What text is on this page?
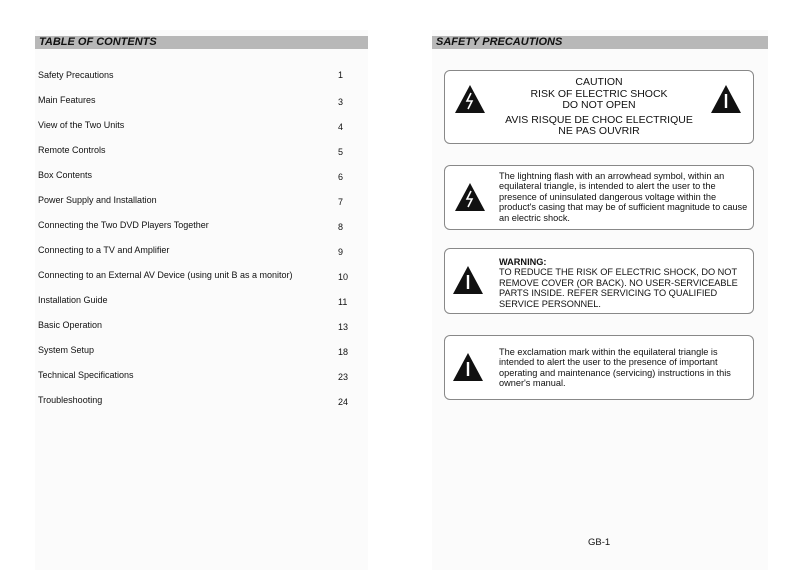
TABLE OF CONTENTS
Safety Precautions	1
Main Features	3
View of the Two Units	4
Remote Controls	5
Box Contents	6
Power Supply and Installation	7
Connecting the Two DVD Players Together	8
Connecting to a TV and Amplifier	9
Connecting to an External AV Device (using unit B as a monitor)	10
Installation Guide	11
Basic Operation	13
System Setup	18
Technical Specifications	23
Troubleshooting	24
SAFETY PRECAUTIONS
CAUTION
RISK OF ELECTRIC SHOCK
DO NOT OPEN
AVIS RISQUE DE CHOC ELECTRIQUE
NE PAS OUVRIR
The lightning flash with an arrowhead symbol, within an equilateral triangle, is intended to alert the user to the presence of uninsulated dangerous voltage within the product's casing that may be of sufficient magnitude to cause an electric shock.
WARNING:
TO REDUCE THE RISK OF ELECTRIC SHOCK, DO NOT REMOVE COVER (OR BACK). NO USER-SERVICEABLE PARTS INSIDE. REFER SERVICING TO QUALIFIED SERVICE PERSONNEL.
The exclamation mark within the equilateral triangle is intended to alert the user to the presence of important operating and maintenance (servicing) instructions in this owner's manual.
GB-1
